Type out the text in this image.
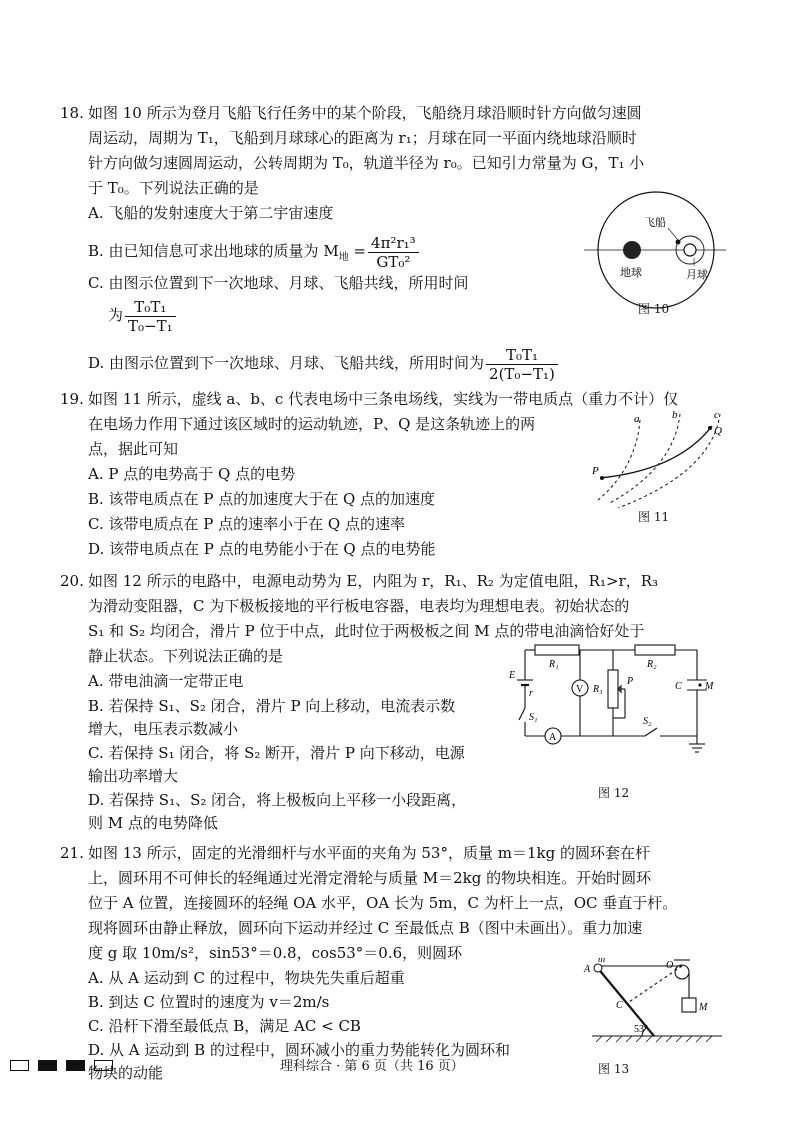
18. 如图 10 所示为登月飞船飞行任务中的某个阶段，飞船绕月球沿顺时针方向做匀速圆
周运动，周期为 T₁，飞船到月球球心的距离为 r₁；月球在同一平面内绕地球沿顺时
针方向做匀速圆周运动，公转周期为 T₀，轨道半径为 r₀。已知引力常量为 G，T₁ 小
于 T₀。下列说法正确的是
A. 飞船的发射速度大于第二宇宙速度
B. 由已知信息可求出地球的质量为 $M_地 = \frac{\text{4π²r₁³}}{\text{GT₀²}}$
C. 由图示位置到下一次地球、月球、飞船共线，所用时间
为 $\frac{\text{T₀T₁}}{\text{T₀−T₁}}$
D. 由图示位置到下一次地球、月球、飞船共线，所用时间为 $\frac{\text{T₀T₁}}{\text{2(T₀−T₁)}}$
飞船
地球	月球
图 10
19. 如图 11 所示，虚线 a、b、c 代表电场中三条电场线，实线为一带电质点（重力不计）仅
在电场力作用下通过该区域时的运动轨迹，P、Q 是这条轨迹上的两
点，据此可知
A. P 点的电势高于 Q 点的电势
B. 该带电质点在 P 点的加速度大于在 Q 点的加速度
C. 该带电质点在 P 点的速率小于在 Q 点的速率
D. 该带电质点在 P 点的电势能小于在 Q 点的电势能
a	b	c
P
Q
图 11
20. 如图 12 所示的电路中，电源电动势为 E，内阻为 r，R₁、R₂ 为定值电阻，R₁>r，R₃
为滑动变阻器，C 为下极板接地的平行板电容器，电表均为理想电表。初始状态的
S₁ 和 S₂ 均闭合，滑片 P 位于中点，此时位于两极板之间 M 点的带电油滴恰好处于
静止状态。下列说法正确的是
A. 带电油滴一定带正电
B. 若保持 S₁、S₂ 闭合，滑片 P 向上移动，电流表示数
增大，电压表示数减小
C. 若保持 S₁ 闭合，将 S₂ 断开，滑片 P 向下移动，电源
输出功率增大
D. 若保持 S₁、S₂ 闭合，将上极板向上平移一小段距离，
则 M 点的电势降低
R₁	R₂
R₃
P
E
r
S₁	S₂
C M
V
A
图 12
21. 如图 13 所示，固定的光滑细杆与水平面的夹角为 53°，质量 m＝1kg 的圆环套在杆
上，圆环用不可伸长的轻绳通过光滑定滑轮与质量 M＝2kg 的物块相连。开始时圆环
位于 A 位置，连接圆环的轻绳 OA 水平，OA 长为 5m，C 为杆上一点，OC 垂直于杆。
现将圆环由静止释放，圆环向下运动并经过 C 至最低点 B（图中未画出）。重力加速
度 g 取 10m/s²，sin53°＝0.8，cos53°＝0.6，则圆环
A. 从 A 运动到 C 的过程中，物块先失重后超重
B. 到达 C 位置时的速度为 v＝2m/s
C. 沿杆下滑至最低点 B，满足 AC < CB
D. 从 A 运动到 B 的过程中，圆环减小的重力势能转化为圆环和
物块的动能
m
O
A
C	M
53°
图 13
理科综合 · 第 6 页（共 16 页）
